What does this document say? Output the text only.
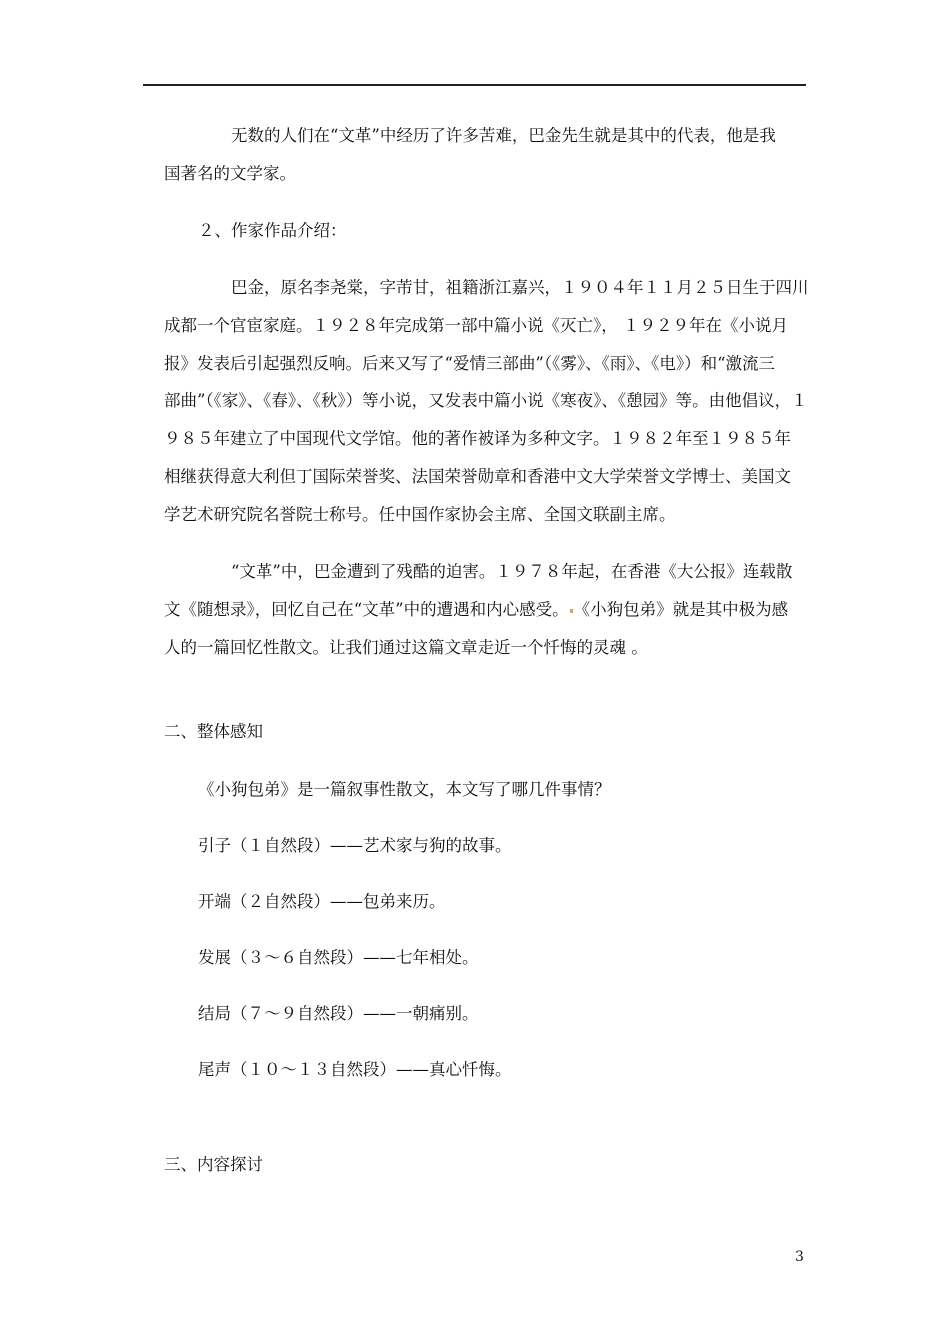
无数的人们在“文革”中经历了许多苦难，巴金先生就是其中的代表，他是我
国著名的文学家。
２、作家作品介绍：
巴金，原名李尧棠，字芾甘，祖籍浙江嘉兴，１９０４年１１月２５日生于四川
成都一个官宦家庭。１９２８年完成第一部中篇小说《灭亡》， １９２９年在《小说月
报》发表后引起强烈反响。后来又写了“爱情三部曲”（《雾》、《雨》、《电》）和“激流三
部曲”（《家》、《春》、《秋》）等小说，又发表中篇小说《寒夜》、《憩园》等。由他倡议，１
９８５年建立了中国现代文学馆。他的著作被译为多种文字。１９８２年至１９８５年
相继获得意大利但丁国际荣誉奖、法国荣誉勋章和香港中文大学荣誉文学博士、美国文
学艺术研究院名誉院士称号。任中国作家协会主席、全国文联副主席。
“文革”中，巴金遭到了残酷的迫害。１９７８年起，在香港《大公报》连载散
文《随想录》，回忆自己在“文革”中的遭遇和内心感受。 《小狗包弟》就是其中极为感
人的一篇回忆性散文。让我们通过这篇文章走近一个忏悔的灵魂 。
二、整体感知
《小狗包弟》是一篇叙事性散文，本文写了哪几件事情？
引子（１自然段）——艺术家与狗的故事。
开端（２自然段）——包弟来历。
发展（３～６自然段）——七年相处。
结局（７～９自然段）——一朝痛别。
尾声（１０～１３自然段）——真心忏悔。
三、内容探讨
3
